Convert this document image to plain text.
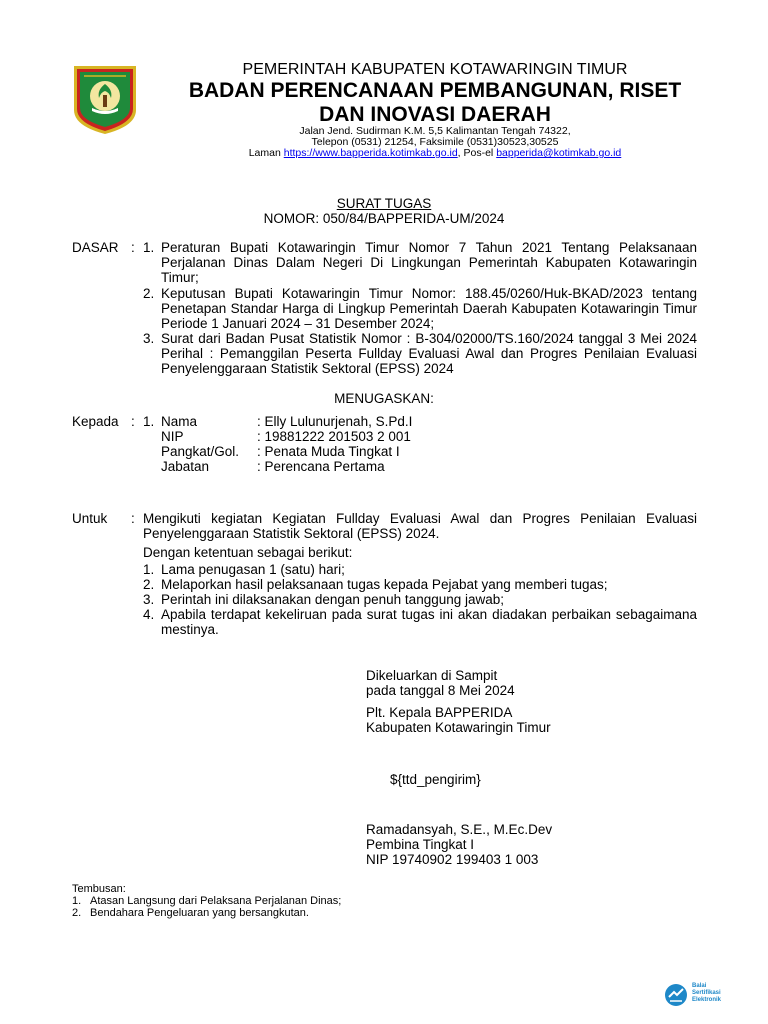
PEMERINTAH KABUPATEN KOTAWARINGIN TIMUR
BADAN PERENCANAAN PEMBANGUNAN, RISET
DAN INOVASI DAERAH
Jalan Jend. Sudirman K.M. 5,5 Kalimantan Tengah 74322,
Telepon (0531) 21254, Faksimile (0531)30523,30525
Laman https://www.bapperida.kotimkab.go.id, Pos-el bapperida@kotimkab.go.id
SURAT TUGAS
NOMOR: 050/84/BAPPERIDA-UM/2024
DASAR : 1. Peraturan Bupati Kotawaringin Timur Nomor 7 Tahun 2021 Tentang Pelaksanaan Perjalanan Dinas Dalam Negeri Di Lingkungan Pemerintah Kabupaten Kotawaringin Timur;
2. Keputusan Bupati Kotawaringin Timur Nomor: 188.45/0260/Huk-BKAD/2023 tentang Penetapan Standar Harga di Lingkup Pemerintah Daerah Kabupaten Kotawaringin Timur Periode 1 Januari 2024 – 31 Desember 2024;
3. Surat dari Badan Pusat Statistik Nomor : B-304/02000/TS.160/2024 tanggal 3 Mei 2024 Perihal : Pemanggilan Peserta Fullday Evaluasi Awal dan Progres Penilaian Evaluasi Penyelenggaraan Statistik Sektoral (EPSS) 2024
MENUGASKAN:
Kepada : 1. Nama	: Elly Lulunurjenah, S.Pd.I
NIP	: 19881222 201503 2 001
Pangkat/Gol. : Penata Muda Tingkat I
Jabatan	: Perencana Pertama
Untuk : Mengikuti kegiatan Kegiatan Fullday Evaluasi Awal dan Progres Penilaian Evaluasi Penyelenggaraan Statistik Sektoral (EPSS) 2024.
Dengan ketentuan sebagai berikut:
1. Lama penugasan 1 (satu) hari;
2. Melaporkan hasil pelaksanaan tugas kepada Pejabat yang memberi tugas;
3. Perintah ini dilaksanakan dengan penuh tanggung jawab;
4. Apabila terdapat kekeliruan pada surat tugas ini akan diadakan perbaikan sebagaimana mestinya.
Dikeluarkan di Sampit
pada tanggal 8 Mei 2024
Plt. Kepala BAPPERIDA
Kabupaten Kotawaringin Timur
${ttd_pengirim}
Ramadansyah, S.E., M.Ec.Dev
Pembina Tingkat I
NIP 19740902 199403 1 003
Tembusan:
1. Atasan Langsung dari Pelaksana Perjalanan Dinas;
2. Bendahara Pengeluaran yang bersangkutan.
Balai
Sertifikasi
Elektronik
